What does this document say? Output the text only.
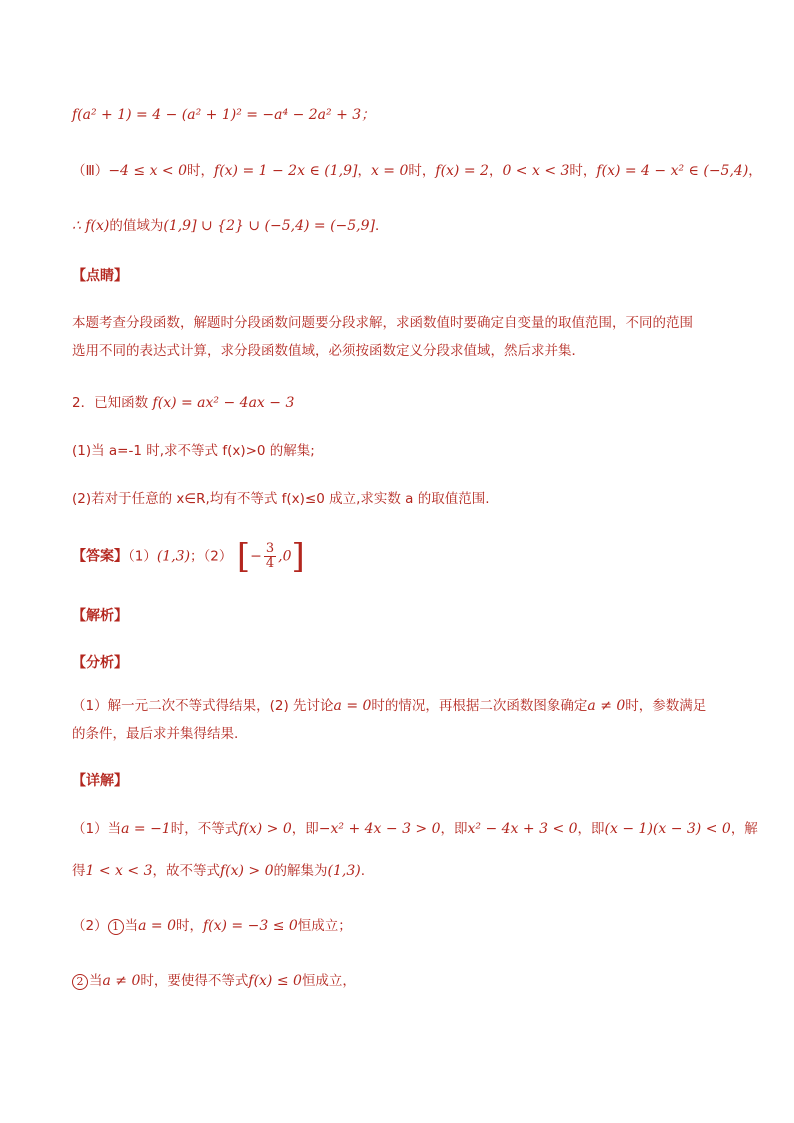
f(a² + 1) = 4 − (a² + 1)² = −a⁴ − 2a² + 3；
（Ⅲ）−4 ≤ x < 0时，f(x) = 1 − 2x ∈ (1,9]，x = 0时，f(x) = 2，0 < x < 3时，f(x) = 4 − x² ∈ (−5,4)，
∴ f(x)的值域为(1,9] ∪ {2} ∪ (−5,4) = (−5,9]．
【点睛】
本题考查分段函数，解题时分段函数问题要分段求解，求函数值时要确定自变量的取值范围，不同的范围
选用不同的表达式计算，求分段函数值域，必须按函数定义分段求值域，然后求并集．
2．已知函数 f(x) = ax² − 4ax − 3
(1)当 a=-1 时,求不等式 f(x)>0 的解集;
(2)若对于任意的 x∈R,均有不等式 f(x)≤0 成立,求实数 a 的取值范围.
【答案】（1）(1,3)；（2） [− $\frac{3}{4} ,0$]
【解析】
【分析】
（1）解一元二次不等式得结果，(2) 先讨论a = 0时的情况，再根据二次函数图象确定a ≠ 0时，参数满足
的条件，最后求并集得结果.
【详解】
（1）当a = −1时，不等式f(x) > 0，即−x² + 4x − 3 > 0，即x² − 4x + 3 < 0，即(x − 1)(x − 3) < 0，解
得1 < x < 3，故不等式f(x) > 0的解集为(1,3).
（2） 1 当a = 0时，f(x) = −3 ≤ 0恒成立；
2 当a ≠ 0时，要使得不等式f(x) ≤ 0恒成立，
